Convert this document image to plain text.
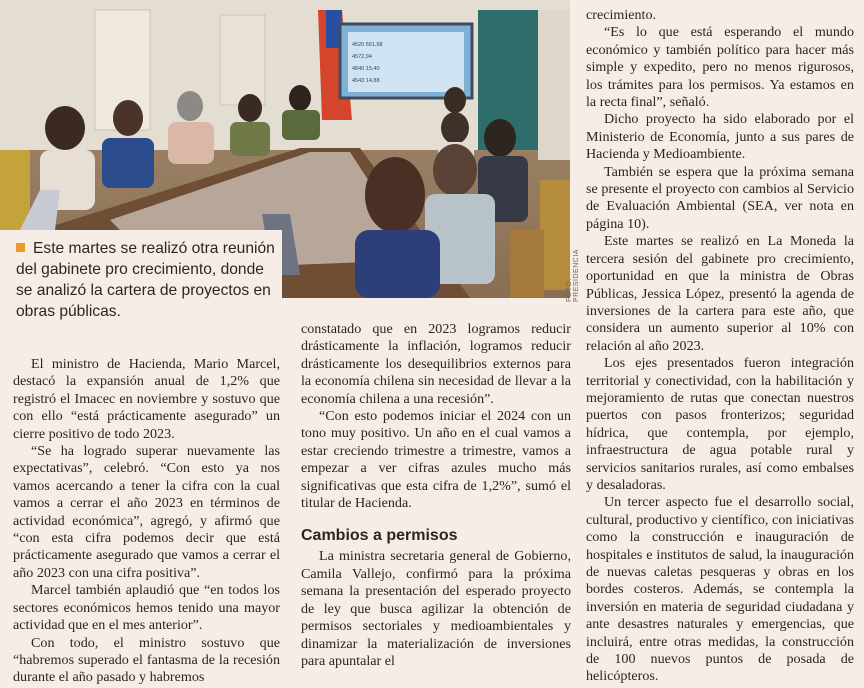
4520 561,58
4572,94
4840 15,40
4543 14,88
FOTO: PRESIDENCIA
Este martes se realizó otra reunión del gabinete pro crecimiento, donde se analizó la cartera de proyectos en obras públicas.

El ministro de Hacienda, Mario Marcel, destacó la expansión anual de 1,2% que registró el Imacec en noviembre y sostuvo que con ello “está prácticamente asegurado” un cierre positivo de todo 2023.

“Se ha logrado superar nuevamente las expectativas”, celebró. “Con esto ya nos vamos acercando a tener la cifra con la cual vamos a cerrar el año 2023 en términos de actividad económica”, agregó, y afirmó que “con esta cifra podemos decir que está prácticamente asegurado que vamos a cerrar el año 2023 con una cifra positiva”.

Marcel también aplaudió que “en todos los sectores económicos hemos tenido una mayor actividad que en el mes anterior”.

Con todo, el ministro sostuvo que “habremos superado el fantasma de la recesión durante el año pasado y habremos

constatado que en 2023 logramos reducir drásticamente la inflación, logramos reducir drásticamente los desequilibrios externos para la economía chilena sin necesidad de llevar a la economía chilena a una recesión”.

“Con esto podemos iniciar el 2024 con un tono muy positivo. Un año en el cual vamos a estar creciendo trimestre a trimestre, vamos a empezar a ver cifras azules mucho más significativas que esta cifra de 1,2%”, sumó el titular de Hacienda.

Cambios a permisos

La ministra secretaria general de Gobierno, Camila Vallejo, confirmó para la próxima semana la presentación del esperado proyecto de ley que busca agilizar la obtención de permisos sectoriales y medioambientales y dinamizar la materialización de inversiones para apuntalar el

crecimiento.

“Es lo que está esperando el mundo económico y también político para hacer más simple y expedito, pero no menos rigurosos, los trámites para los permisos. Ya estamos en la recta final”, señaló.

Dicho proyecto ha sido elaborado por el Ministerio de Economía, junto a sus pares de Hacienda y Medioambiente.

También se espera que la próxima semana se presente el proyecto con cambios al Servicio de Evaluación Ambiental (SEA, ver nota en página 10).

Este martes se realizó en La Moneda la tercera sesión del gabinete pro crecimiento, oportunidad en que la ministra de Obras Públicas, Jessica López, presentó la agenda de inversiones de la cartera para este año, que considera un aumento superior al 10% con relación al año 2023.

Los ejes presentados fueron integración territorial y conectividad, con la habilitación y mejoramiento de rutas que conectan nuestros puertos con pasos fronterizos; seguridad hídrica, que contempla, por ejemplo, infraestructura de agua potable rural y servicios sanitarios rurales, así como embalses y desaladoras.

Un tercer aspecto fue el desarrollo social, cultural, productivo y científico, con iniciativas como la construcción e inauguración de hospitales e institutos de salud, la inauguración de nuevas caletas pesqueras y obras en los bordes costeros. Además, se contempla la inversión en materia de seguridad ciudadana y ante desastres naturales y emergencias, que incluirá, entre otras medidas, la construcción de 100 nuevos puntos de posada de helicópteros.
